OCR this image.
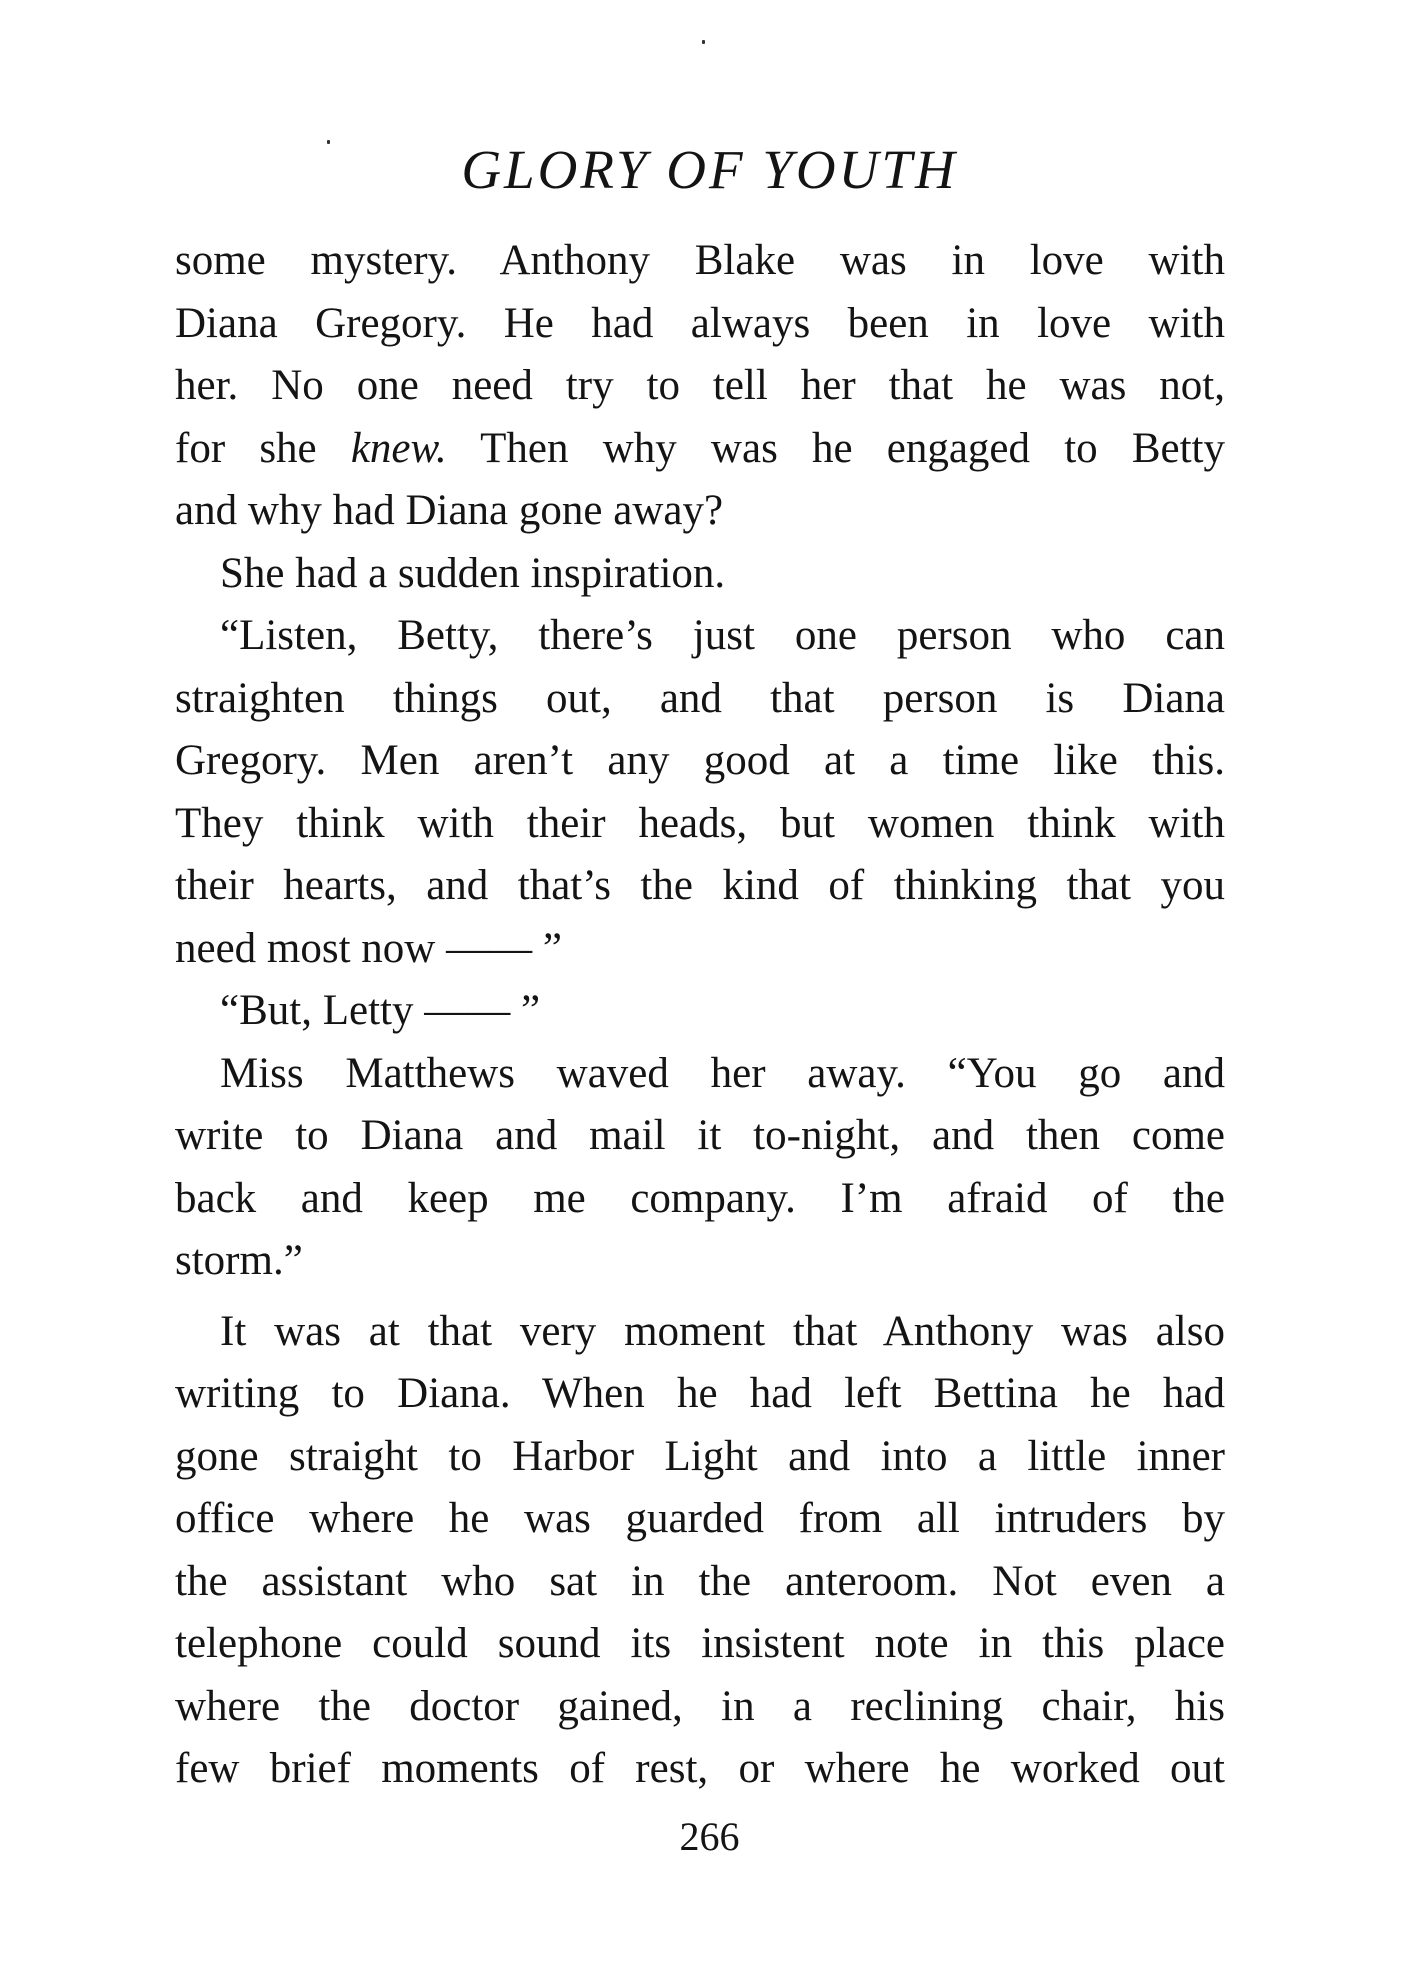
GLORY OF YOUTH
some mystery. Anthony Blake was in love with
Diana Gregory. He had always been in love with
her. No one need try to tell her that he was not,
for she knew. Then why was he engaged to Betty
and why had Diana gone away?
She had a sudden inspiration.
“Listen, Betty, there’s just one person who can
straighten things out, and that person is Diana
Gregory. Men aren’t any good at a time like this.
They think with their heads, but women think with
their hearts, and that’s the kind of thinking that you
need most now —— ”
“But, Letty —— ”
Miss Matthews waved her away. “You go and
write to Diana and mail it to-night, and then come
back and keep me company. I’m afraid of the
storm.”
It was at that very moment that Anthony was also
writing to Diana. When he had left Bettina he had
gone straight to Harbor Light and into a little inner
office where he was guarded from all intruders by
the assistant who sat in the anteroom. Not even a
telephone could sound its insistent note in this place
where the doctor gained, in a reclining chair, his
few brief moments of rest, or where he worked out
266
